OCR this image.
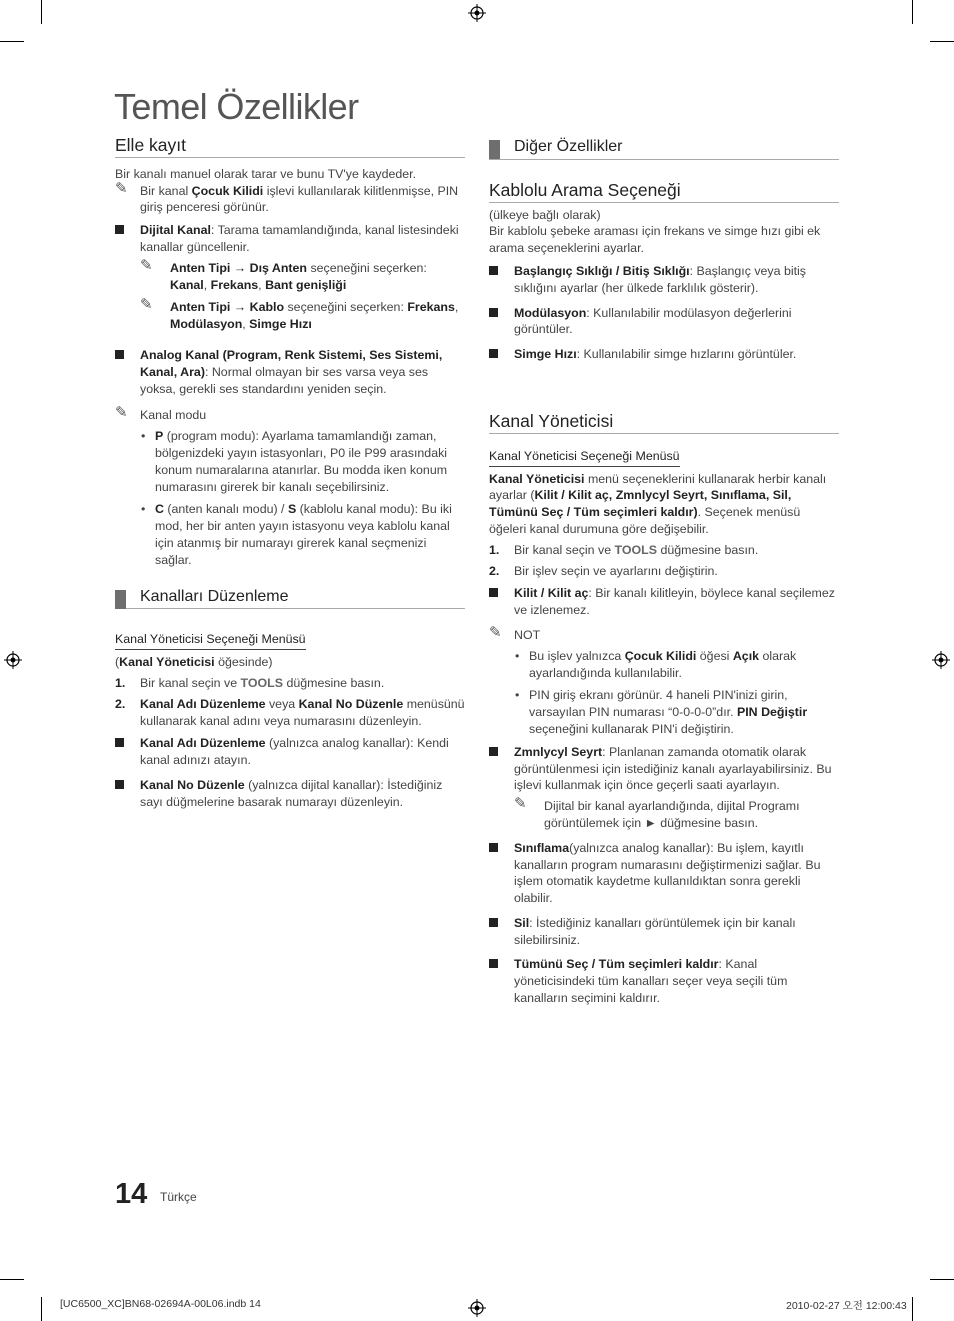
Temel Özellikler
Elle kayıt

Bir kanalı manuel olarak tarar ve bunu TV'ye kaydeder.

✎ Bir kanal Çocuk Kilidi işlevi kullanılarak kilitlenmişse, PIN giriş penceresi görünür.
Dijital Kanal: Tarama tamamlandığında, kanal listesindeki kanallar güncellenir.
✎ Anten Tipi → Dış Anten seçeneğini seçerken: Kanal, Frekans, Bant genişliği
✎ Anten Tipi → Kablo seçeneğini seçerken: Frekans, Modülasyon, Simge Hızı
Analog Kanal (Program, Renk Sistemi, Ses Sistemi, Kanal, Ara): Normal olmayan bir ses varsa veya ses yoksa, gerekli ses standardını yeniden seçin.
✎ Kanal modu
• P (program modu): Ayarlama tamamlandığı zaman, bölgenizdeki yayın istasyonları, P0 ile P99 arasındaki konum numaralarına atanırlar. Bu modda iken konum numarasını girerek bir kanalı seçebilirsiniz.
• C (anten kanalı modu) / S (kablolu kanal modu): Bu iki mod, her bir anten yayın istasyonu veya kablolu kanal için atanmış bir numarayı girerek kanal seçmenizi sağlar.
Kanalları Düzenleme

Kanal Yöneticisi Seçeneği Menüsü

(Kanal Yöneticisi öğesinde)

1. Bir kanal seçin ve TOOLS düğmesine basın.
2. Kanal Adı Düzenleme veya Kanal No Düzenle menüsünü kullanarak kanal adını veya numarasını düzenleyin.
Kanal Adı Düzenleme (yalnızca analog kanallar): Kendi kanal adınızı atayın.
Kanal No Düzenle (yalnızca dijital kanallar): İstediğiniz sayı düğmelerine basarak numarayı düzenleyin.
Diğer Özellikler
Kablolu Arama Seçeneği

(ülkeye bağlı olarak)

Bir kablolu şebeke araması için frekans ve simge hızı gibi ek arama seçeneklerini ayarlar.

Başlangıç Sıklığı / Bitiş Sıklığı: Başlangıç veya bitiş sıklığını ayarlar (her ülkede farklılık gösterir).
Modülasyon: Kullanılabilir modülasyon değerlerini görüntüler.
Simge Hızı: Kullanılabilir simge hızlarını görüntüler.
Kanal Yöneticisi

Kanal Yöneticisi Seçeneği Menüsü

Kanal Yöneticisi menü seçeneklerini kullanarak herbir kanalı ayarlar (Kilit / Kilit aç, Zmnlycyl Seyrt, Sınıflama, Sil, Tümünü Seç / Tüm seçimleri kaldır). Seçenek menüsü öğeleri kanal durumuna göre değişebilir.

1. Bir kanal seçin ve TOOLS düğmesine basın.
2. Bir işlev seçin ve ayarlarını değiştirin.
Kilit / Kilit aç: Bir kanalı kilitleyin, böylece kanal seçilemez ve izlenemez.
✎ NOT
• Bu işlev yalnızca Çocuk Kilidi öğesi Açık olarak ayarlandığında kullanılabilir.
• PIN giriş ekranı görünür. 4 haneli PIN'inizi girin, varsayılan PIN numarası “0-0-0-0”dır. PIN Değiştir seçeneğini kullanarak PIN'i değiştirin.
Zmnlycyl Seyrt: Planlanan zamanda otomatik olarak görüntülenmesi için istediğiniz kanalı ayarlayabilirsiniz. Bu işlevi kullanmak için önce geçerli saati ayarlayın.
✎ Dijital bir kanal ayarlandığında, dijital Programı görüntülemek için ► düğmesine basın.
Sınıflama(yalnızca analog kanallar): Bu işlem, kayıtlı kanalların program numarasını değiştirmenizi sağlar. Bu işlem otomatik kaydetme kullanıldıktan sonra gerekli olabilir.
Sil: İstediğiniz kanalları görüntülemek için bir kanalı silebilirsiniz.
Tümünü Seç / Tüm seçimleri kaldır: Kanal yöneticisindeki tüm kanalları seçer veya seçili tüm kanalların seçimini kaldırır.
14 Türkçe
[UC6500_XC]BN68-02694A-00L06.indb 14	2010-02-27 오전 12:00:43
